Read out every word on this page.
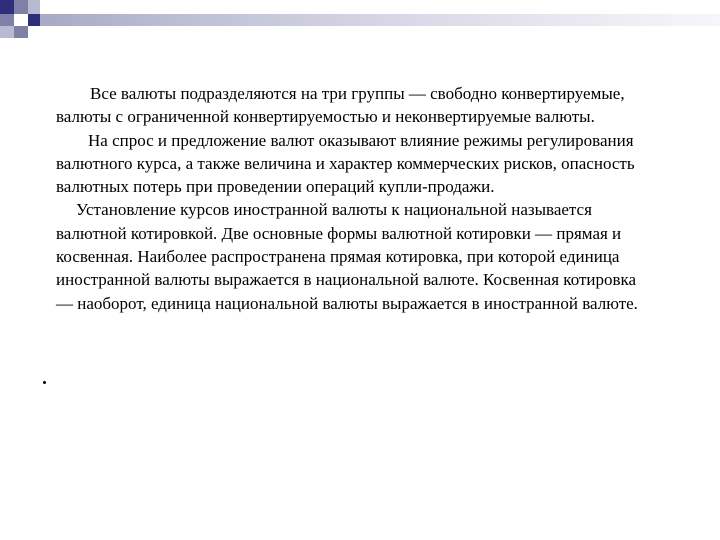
Все валюты подразделяются на три группы — свободно конвертируемые, валюты с ограниченной конвертируемостью и неконвертируемые валюты.

На спрос и предложение валют оказывают влияние режимы регулирования валютного курса, а также величина и характер коммерческих рисков, опасность валютных потерь при проведении операций купли-продажи.

Установление курсов иностранной валюты к национальной называется валютной котировкой. Две основные формы валютной котировки — прямая и косвенная. Наиболее распространена прямая котировка, при которой единица иностранной валюты выражается в национальной валюте. Косвенная котировка — наоборот, единица национальной валюты выражается в иностранной валюте.
